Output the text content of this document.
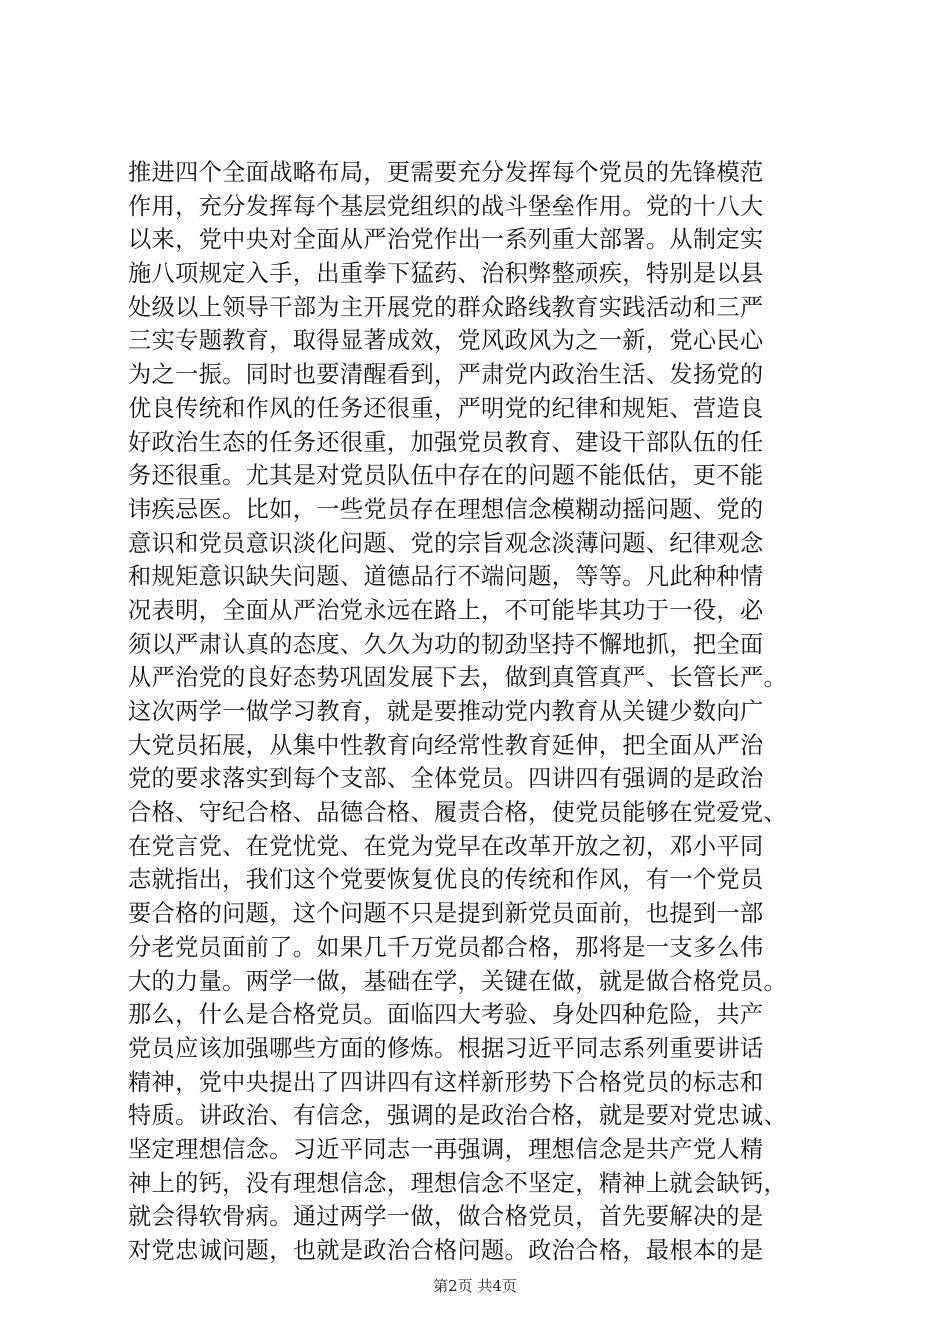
推进四个全面战略布局，更需要充分发挥每个党员的先锋模范
作用，充分发挥每个基层党组织的战斗堡垒作用。党的十八大
以来，党中央对全面从严治党作出一系列重大部署。从制定实
施八项规定入手，出重拳下猛药、治积弊整顽疾，特别是以县
处级以上领导干部为主开展党的群众路线教育实践活动和三严
三实专题教育，取得显著成效，党风政风为之一新，党心民心
为之一振。同时也要清醒看到，严肃党内政治生活、发扬党的
优良传统和作风的任务还很重，严明党的纪律和规矩、营造良
好政治生态的任务还很重，加强党员教育、建设干部队伍的任
务还很重。尤其是对党员队伍中存在的问题不能低估，更不能
讳疾忌医。比如，一些党员存在理想信念模糊动摇问题、党的
意识和党员意识淡化问题、党的宗旨观念淡薄问题、纪律观念
和规矩意识缺失问题、道德品行不端问题，等等。凡此种种情
况表明，全面从严治党永远在路上，不可能毕其功于一役，必
须以严肃认真的态度、久久为功的韧劲坚持不懈地抓，把全面
从严治党的良好态势巩固发展下去，做到真管真严、长管长严。
这次两学一做学习教育，就是要推动党内教育从关键少数向广
大党员拓展，从集中性教育向经常性教育延伸，把全面从严治
党的要求落实到每个支部、全体党员。四讲四有强调的是政治
合格、守纪合格、品德合格、履责合格，使党员能够在党爱党、
在党言党、在党忧党、在党为党早在改革开放之初，邓小平同
志就指出，我们这个党要恢复优良的传统和作风，有一个党员
要合格的问题，这个问题不只是提到新党员面前，也提到一部
分老党员面前了。如果几千万党员都合格，那将是一支多么伟
大的力量。两学一做，基础在学，关键在做，就是做合格党员。
那么，什么是合格党员。面临四大考验、身处四种危险，共产
党员应该加强哪些方面的修炼。根据习近平同志系列重要讲话
精神，党中央提出了四讲四有这样新形势下合格党员的标志和
特质。讲政治、有信念，强调的是政治合格，就是要对党忠诚、
坚定理想信念。习近平同志一再强调，理想信念是共产党人精
神上的钙，没有理想信念，理想信念不坚定，精神上就会缺钙，
就会得软骨病。通过两学一做，做合格党员，首先要解决的是
对党忠诚问题，也就是政治合格问题。政治合格，最根本的是
第2页 共4页
